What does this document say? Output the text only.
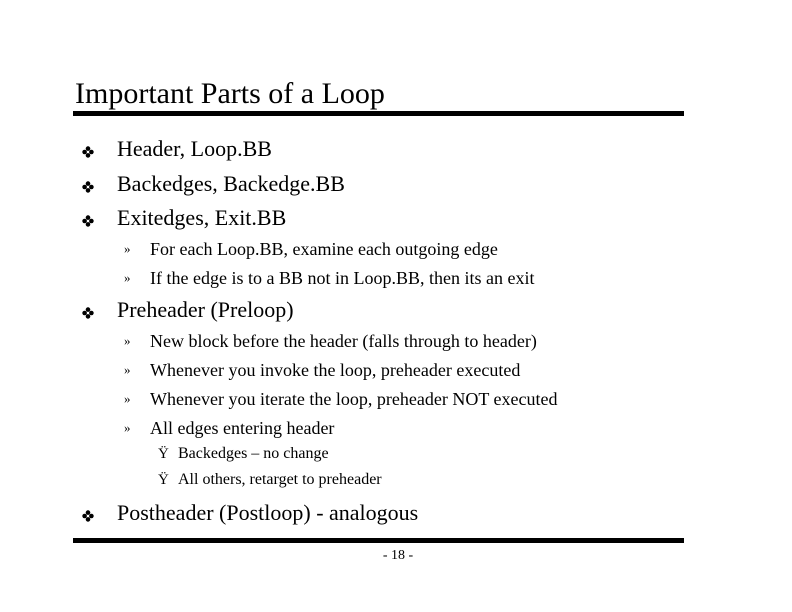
Important Parts of a Loop
Header, Loop.BB
Backedges, Backedge.BB
Exitedges, Exit.BB
» For each Loop.BB, examine each outgoing edge
» If the edge is to a BB not in Loop.BB, then its an exit
Preheader (Preloop)
» New block before the header (falls through to header)
» Whenever you invoke the loop, preheader executed
» Whenever you iterate the loop, preheader NOT executed
» All edges entering header
Ÿ Backedges – no change
Ÿ All others, retarget to preheader
Postheader (Postloop) - analogous
- 18 -
